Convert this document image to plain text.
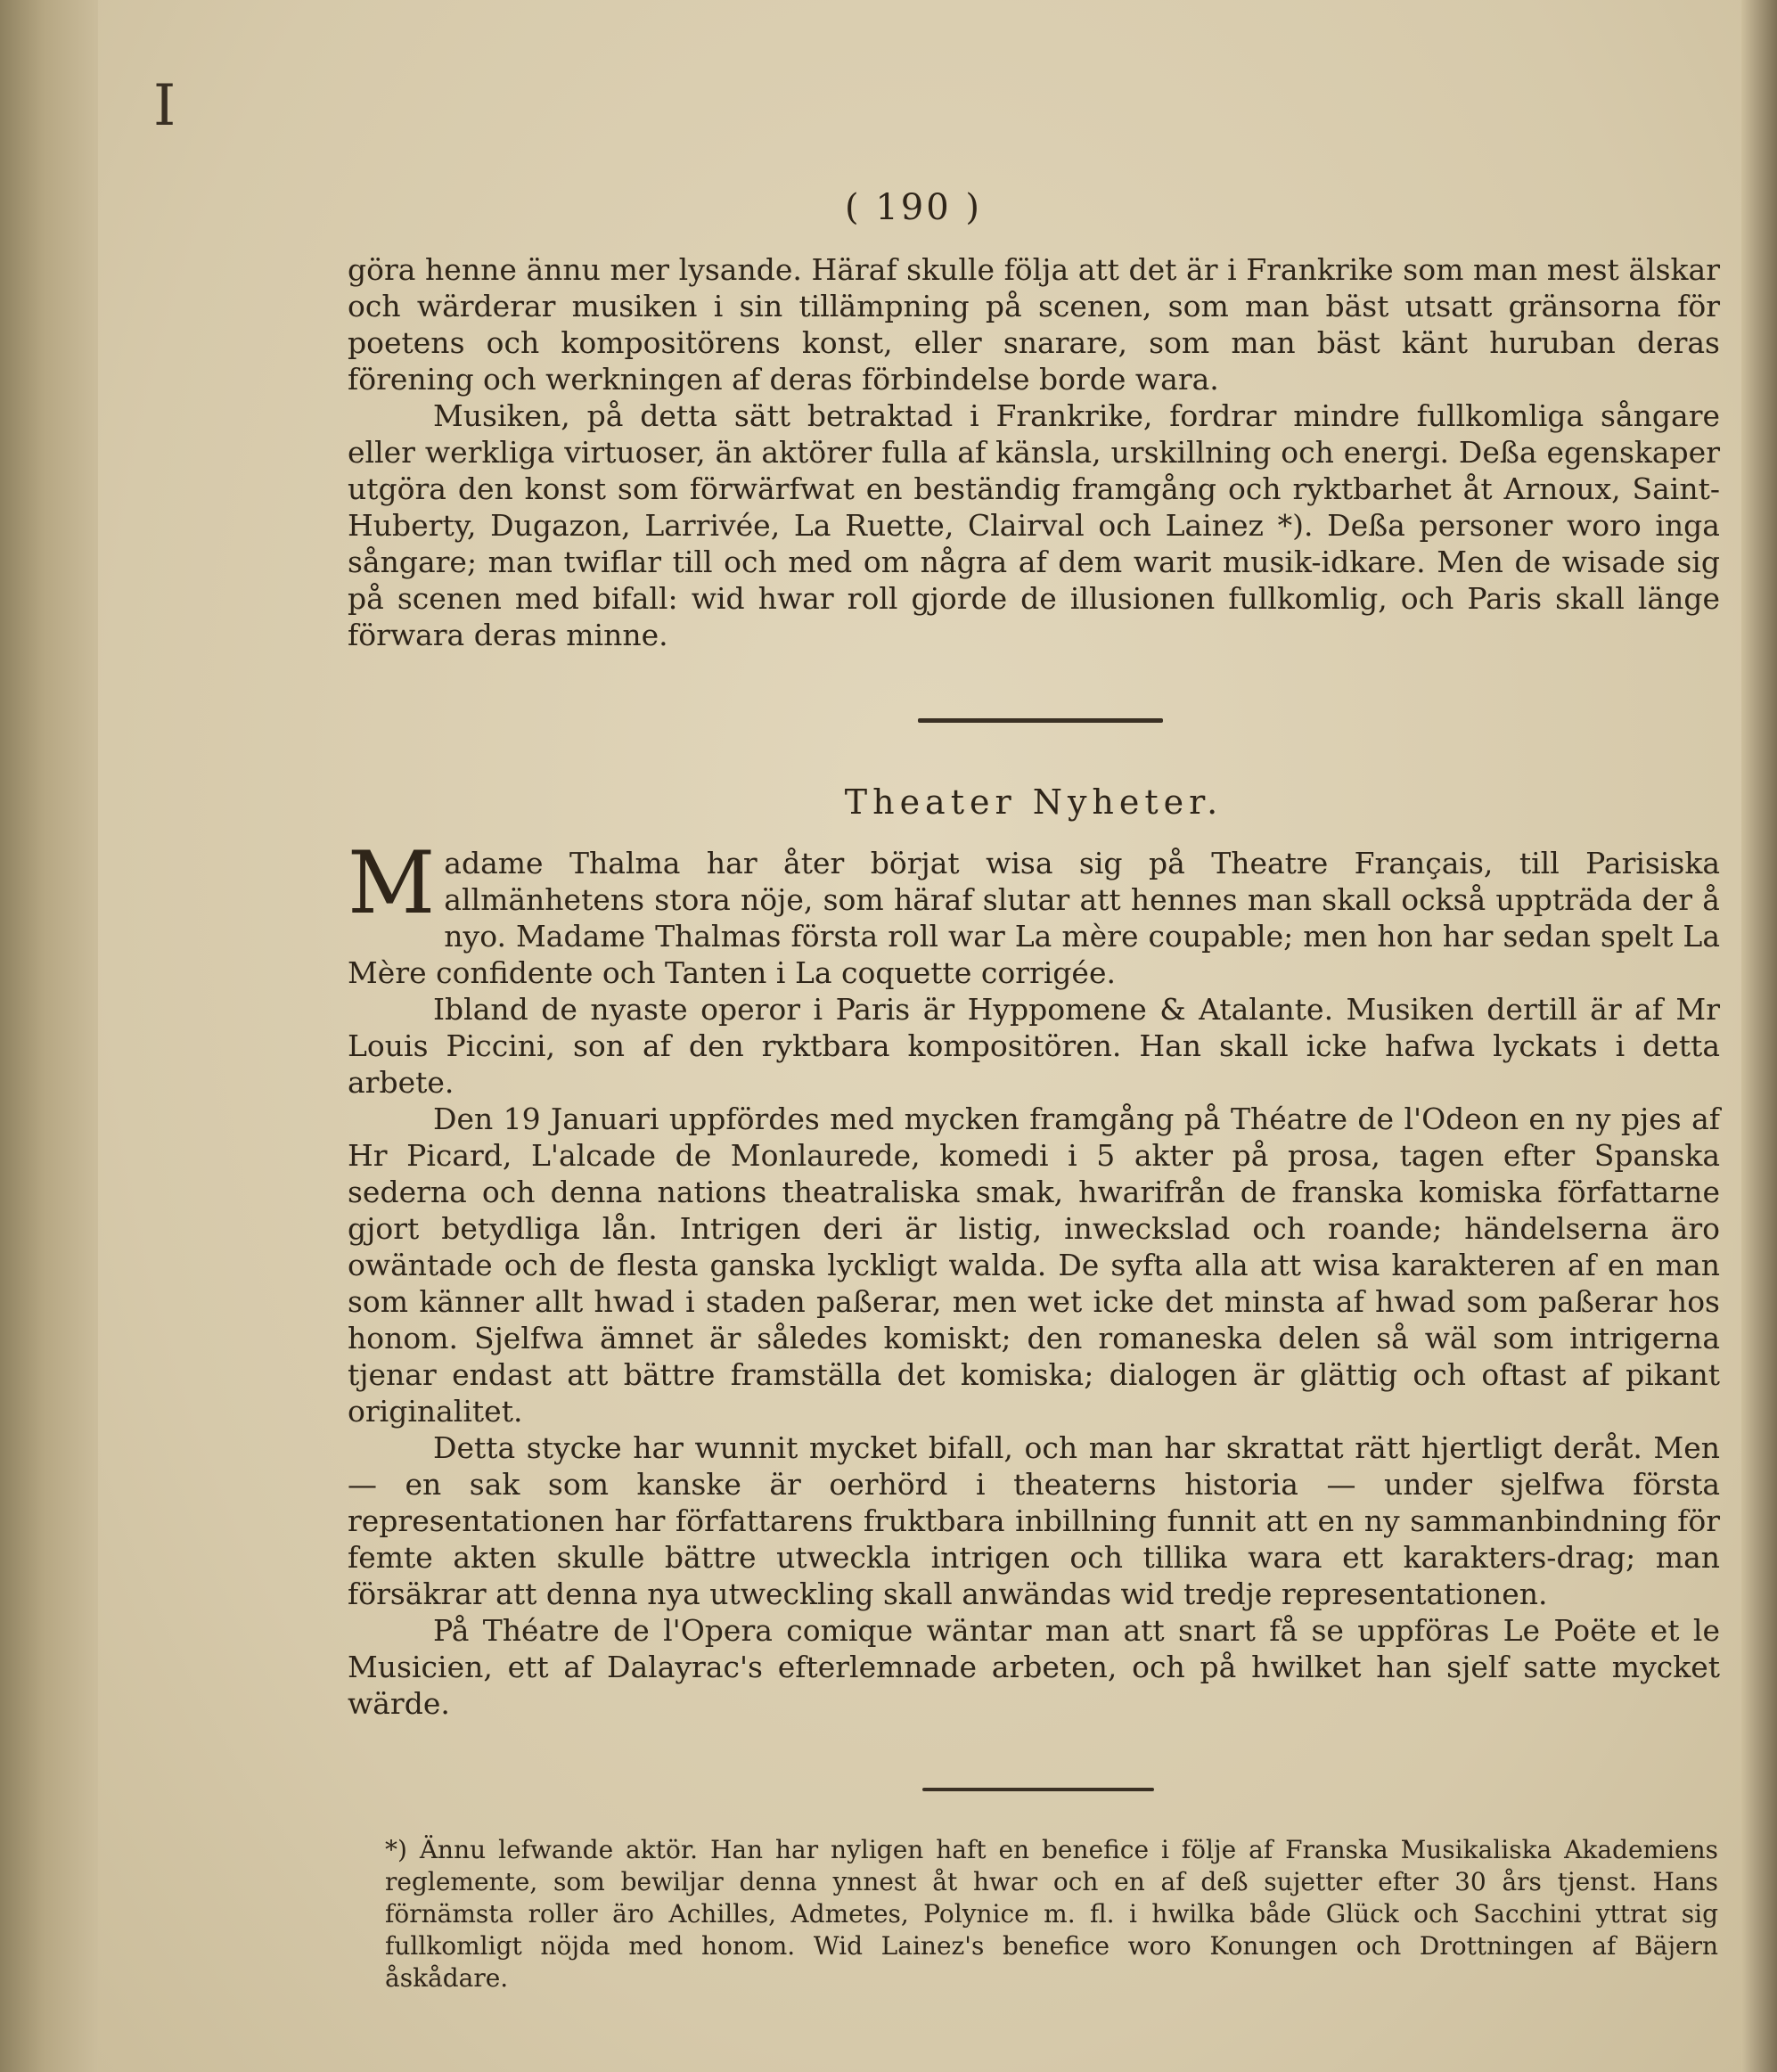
I
( 190 )

göra henne ännu mer lysande. Häraf skulle följa att det är i Frankrike som man mest älskar och wärderar musiken i sin tillämpning på scenen, som man bäst utsatt gränsorna för poetens och kompositörens konst, eller snarare, som man bäst känt huruban deras förening och werkningen af deras förbindelse borde wara.

Musiken, på detta sätt betraktad i Frankrike, fordrar mindre fullkomliga sångare eller werkliga virtuoser, än aktörer fulla af känsla, urskillning och energi. Deßa egenskaper utgöra den konst som förwärfwat en beständig framgång och ryktbarhet åt Arnoux, Saint-Huberty, Dugazon, Larrivée, La Ruette, Clairval och Lainez *). Deßa personer woro inga sångare; man twiflar till och med om några af dem warit musik-idkare. Men de wisade sig på scenen med bifall: wid hwar roll gjorde de illusionen fullkomlig, och Paris skall länge förwara deras minne.

Theater Nyheter.

Madame Thalma har åter börjat wisa sig på Theatre Français, till Parisiska allmänhetens stora nöje, som häraf slutar att hennes man skall också uppträda der å nyo. Madame Thalmas första roll war La mère coupable; men hon har sedan spelt La Mère confidente och Tanten i La coquette corrigée.

Ibland de nyaste operor i Paris är Hyppomene & Atalante. Musiken dertill är af Mr Louis Piccini, son af den ryktbara kompositören. Han skall icke hafwa lyckats i detta arbete.

Den 19 Januari uppfördes med mycken framgång på Théatre de l'Odeon en ny pjes af Hr Picard, L'alcade de Monlaurede, komedi i 5 akter på prosa, tagen efter Spanska sederna och denna nations theatraliska smak, hwarifrån de franska komiska författarne gjort betydliga lån. Intrigen deri är listig, inweckslad och roande; händelserna äro owäntade och de flesta ganska lyckligt walda. De syfta alla att wisa karakteren af en man som känner allt hwad i staden paßerar, men wet icke det minsta af hwad som paßerar hos honom. Sjelfwa ämnet är således komiskt; den romaneska delen så wäl som intrigerna tjenar endast att bättre framställa det komiska; dialogen är glättig och oftast af pikant originalitet.

Detta stycke har wunnit mycket bifall, och man har skrattat rätt hjertligt deråt. Men — en sak som kanske är oerhörd i theaterns historia — under sjelfwa första representationen har författarens fruktbara inbillning funnit att en ny sammanbindning för femte akten skulle bättre utweckla intrigen och tillika wara ett karakters-drag; man försäkrar att denna nya utweckling skall anwändas wid tredje representationen.

På Théatre de l'Opera comique wäntar man att snart få se uppföras Le Poëte et le Musicien, ett af Dalayrac's efterlemnade arbeten, och på hwilket han sjelf satte mycket wärde.

*) Ännu lefwande aktör. Han har nyligen haft en benefice i följe af Franska Musikaliska Akademiens reglemente, som bewiljar denna ynnest åt hwar och en af deß sujetter efter 30 års tjenst. Hans förnämsta roller äro Achilles, Admetes, Polynice m. fl. i hwilka både Glück och Sacchini yttrat sig fullkomligt nöjda med honom. Wid Lainez's benefice woro Konungen och Drottningen af Bäjern åskådare.
